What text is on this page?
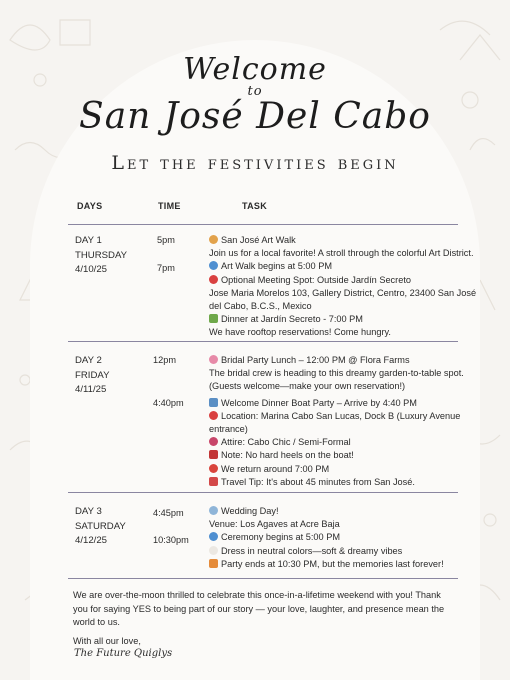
Welcome
to
San José Del Cabo
Let the festivities begin
DAYS	TIME	TASK
DAY 1
THURSDAY
4/10/25
5pm
7pm
San José Art Walk
Join us for a local favorite! A stroll through the colorful Art District.
Art Walk begins at 5:00 PM
Optional Meeting Spot: Outside Jardín Secreto
Jose Maria Morelos 103, Gallery District, Centro, 23400 San José
del Cabo, B.C.S., Mexico
Dinner at Jardín Secreto - 7:00 PM
We have rooftop reservations! Come hungry.
DAY 2
FRIDAY
4/11/25
12pm
4:40pm
Bridal Party Lunch – 12:00 PM @ Flora Farms
The bridal crew is heading to this dreamy garden-to-table spot.
(Guests welcome—make your own reservation!)
Welcome Dinner Boat Party – Arrive by 4:40 PM
Location: Marina Cabo San Lucas, Dock B (Luxury Avenue
entrance)
Attire: Cabo Chic / Semi-Formal
Note: No hard heels on the boat!
We return around 7:00 PM
Travel Tip: It's about 45 minutes from San José.
DAY 3
SATURDAY
4/12/25
4:45pm
10:30pm
Wedding Day!
Venue: Los Agaves at Acre Baja
Ceremony begins at 5:00 PM
Dress in neutral colors—soft & dreamy vibes
Party ends at 10:30 PM, but the memories last forever!
We are over-the-moon thrilled to celebrate this once-in-a-lifetime weekend with you! Thank
you for saying YES to being part of our story — your love, laughter, and presence mean the
world to us.
With all our love,
The Future Quiglys
